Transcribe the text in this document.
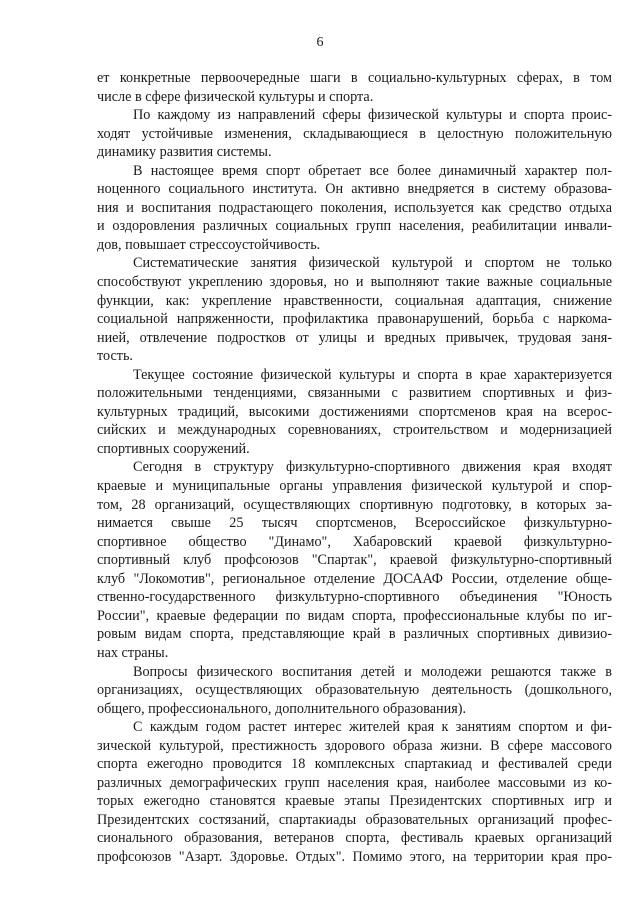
6
ет конкретные первоочередные шаги в социально-культурных сферах, в том
числе в сфере физической культуры и спорта.
По каждому из направлений сферы физической культуры и спорта проис-
ходят устойчивые изменения, складывающиеся в целостную положительную
динамику развития системы.
В настоящее время спорт обретает все более динамичный характер пол-
ноценного социального института. Он активно внедряется в систему образова-
ния и воспитания подрастающего поколения, используется как средство отдыха
и оздоровления различных социальных групп населения, реабилитации инвали-
дов, повышает стрессоустойчивость.
Систематические занятия физической культурой и спортом не только
способствуют укреплению здоровья, но и выполняют такие важные социальные
функции, как: укрепление нравственности, социальная адаптация, снижение
социальной напряженности, профилактика правонарушений, борьба с наркома-
нией, отвлечение подростков от улицы и вредных привычек, трудовая заня-
тость.
Текущее состояние физической культуры и спорта в крае характеризуется
положительными тенденциями, связанными с развитием спортивных и физ-
культурных традиций, высокими достижениями спортсменов края на всерос-
сийских и международных соревнованиях, строительством и модернизацией
спортивных сооружений.
Сегодня в структуру физкультурно-спортивного движения края входят
краевые и муниципальные органы управления физической культурой и спор-
том, 28 организаций, осуществляющих спортивную подготовку, в которых за-
нимается свыше 25 тысяч спортсменов, Всероссийское физкультурно-
спортивное общество "Динамо", Хабаровский краевой физкультурно-
спортивный клуб профсоюзов "Спартак", краевой физкультурно-спортивный
клуб "Локомотив", региональное отделение ДОСААФ России, отделение обще-
ственно-государственного физкультурно-спортивного объединения "Юность
России", краевые федерации по видам спорта, профессиональные клубы по иг-
ровым видам спорта, представляющие край в различных спортивных дивизио-
нах страны.
Вопросы физического воспитания детей и молодежи решаются также в
организациях, осуществляющих образовательную деятельность (дошкольного,
общего, профессионального, дополнительного образования).
С каждым годом растет интерес жителей края к занятиям спортом и фи-
зической культурой, престижность здорового образа жизни. В сфере массового
спорта ежегодно проводится 18 комплексных спартакиад и фестивалей среди
различных демографических групп населения края, наиболее массовыми из ко-
торых ежегодно становятся краевые этапы Президентских спортивных игр и
Президентских состязаний, спартакиады образовательных организаций профес-
сионального образования, ветеранов спорта, фестиваль краевых организаций
профсоюзов "Азарт. Здоровье. Отдых". Помимо этого, на территории края про-
